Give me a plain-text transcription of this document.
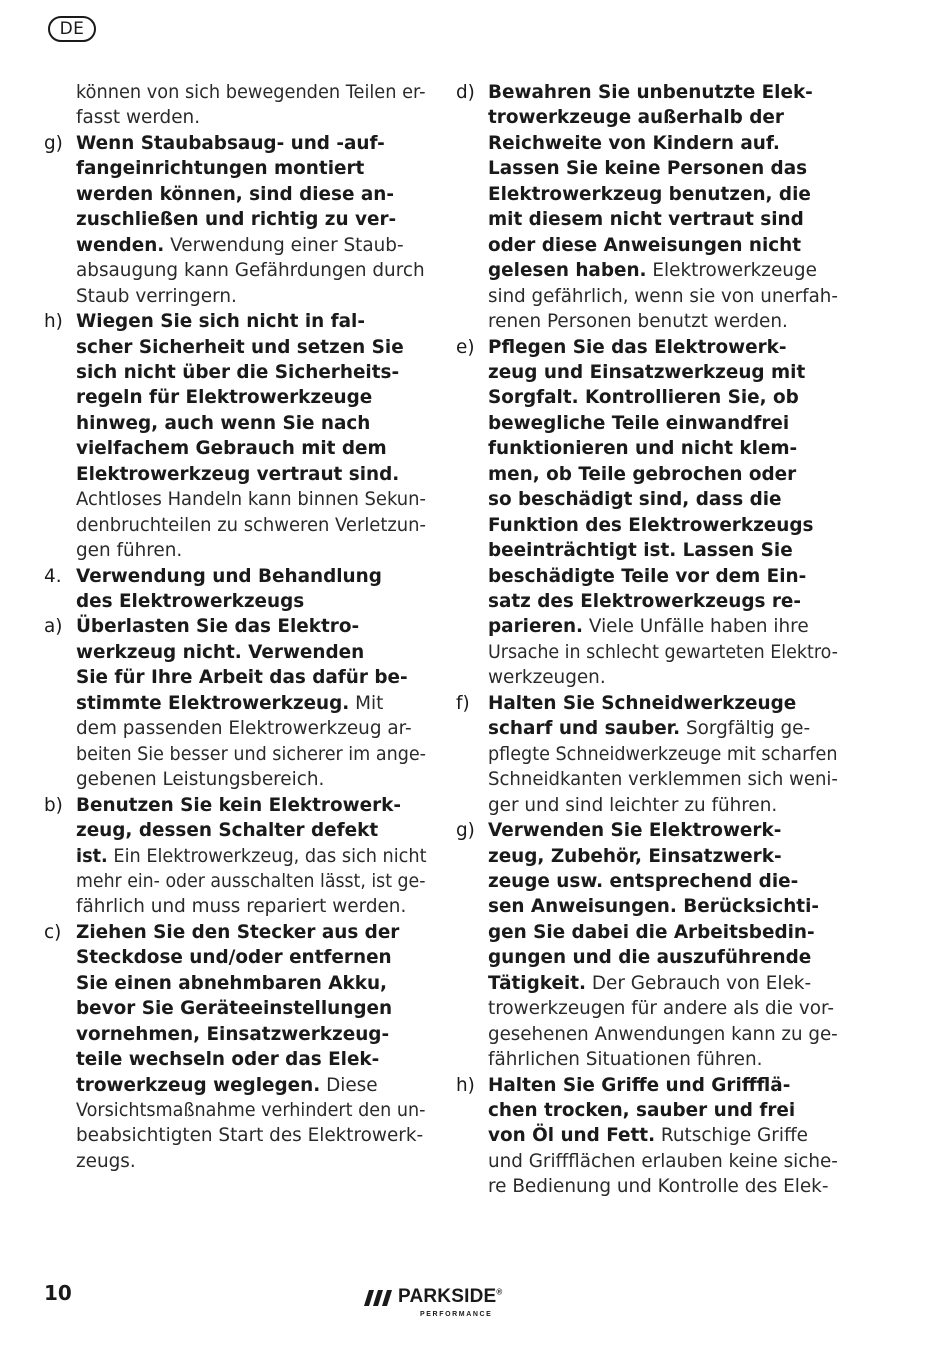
DE
können von sich bewegenden Teilen er-
fasst werden.
g) Wenn Staubabsaug- und -auf-
fangeinrichtungen montiert
werden können, sind diese an-
zuschließen und richtig zu ver-
wenden. Verwendung einer Staub-
absaugung kann Gefährdungen durch
Staub verringern.
h) Wiegen Sie sich nicht in fal-
scher Sicherheit und setzen Sie
sich nicht über die Sicherheits-
regeln für Elektrowerkzeuge
hinweg, auch wenn Sie nach
vielfachem Gebrauch mit dem
Elektrowerkzeug vertraut sind.
Achtloses Handeln kann binnen Sekun-
denbruchteilen zu schweren Verletzun-
gen führen.
4. Verwendung und Behandlung
des Elektrowerkzeugs
a) Überlasten Sie das Elektro-
werkzeug nicht. Verwenden
Sie für Ihre Arbeit das dafür be-
stimmte Elektrowerkzeug. Mit
dem passenden Elektrowerkzeug ar-
beiten Sie besser und sicherer im ange-
gebenen Leistungsbereich.
b) Benutzen Sie kein Elektrowerk-
zeug, dessen Schalter defekt
ist. Ein Elektrowerkzeug, das sich nicht
mehr ein- oder ausschalten lässt, ist ge-
fährlich und muss repariert werden.
c) Ziehen Sie den Stecker aus der
Steckdose und/oder entfernen
Sie einen abnehmbaren Akku,
bevor Sie Geräteeinstellungen
vornehmen, Einsatzwerkzeug-
teile wechseln oder das Elek-
trowerkzeug weglegen. Diese
Vorsichtsmaßnahme verhindert den un-
beabsichtigten Start des Elektrowerk-
zeugs.
d) Bewahren Sie unbenutzte Elek-
trowerkzeuge außerhalb der
Reichweite von Kindern auf.
Lassen Sie keine Personen das
Elektrowerkzeug benutzen, die
mit diesem nicht vertraut sind
oder diese Anweisungen nicht
gelesen haben. Elektrowerkzeuge
sind gefährlich, wenn sie von unerfah-
renen Personen benutzt werden.
e) Pflegen Sie das Elektrowerk-
zeug und Einsatzwerkzeug mit
Sorgfalt. Kontrollieren Sie, ob
bewegliche Teile einwandfrei
funktionieren und nicht klem-
men, ob Teile gebrochen oder
so beschädigt sind, dass die
Funktion des Elektrowerkzeugs
beeinträchtigt ist. Lassen Sie
beschädigte Teile vor dem Ein-
satz des Elektrowerkzeugs re-
parieren. Viele Unfälle haben ihre
Ursache in schlecht gewarteten Elektro-
werkzeugen.
f) Halten Sie Schneidwerkzeuge
scharf und sauber. Sorgfältig ge-
pflegte Schneidwerkzeuge mit scharfen
Schneidkanten verklemmen sich weni-
ger und sind leichter zu führen.
g) Verwenden Sie Elektrowerk-
zeug, Zubehör, Einsatzwerk-
zeuge usw. entsprechend die-
sen Anweisungen. Berücksichti-
gen Sie dabei die Arbeitsbedin-
gungen und die auszuführende
Tätigkeit. Der Gebrauch von Elek-
trowerkzeugen für andere als die vor-
gesehenen Anwendungen kann zu ge-
fährlichen Situationen führen.
h) Halten Sie Griffe und Griffflä-
chen trocken, sauber und frei
von Öl und Fett. Rutschige Griffe
und Griffflächen erlauben keine siche-
re Bedienung und Kontrolle des Elek-
10	PARKSIDE®
PERFORMANCE
